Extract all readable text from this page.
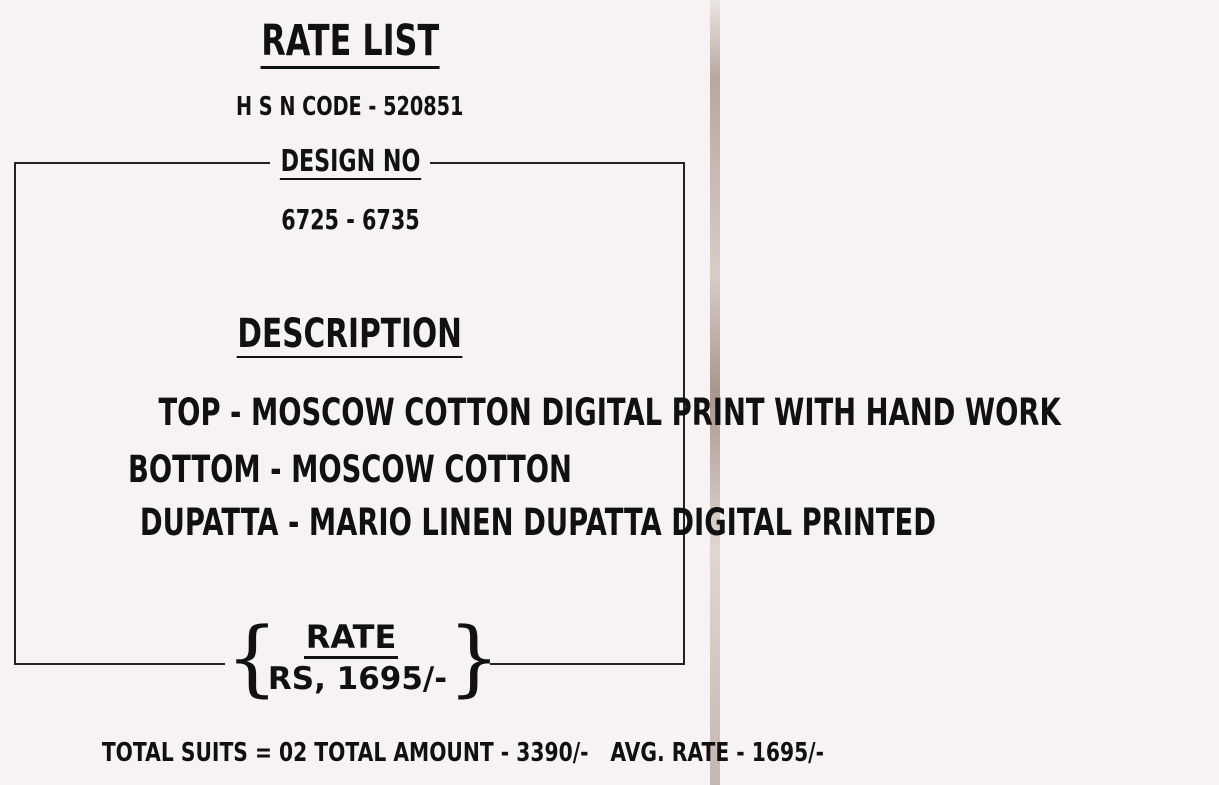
RATE LIST
H S N CODE - 520851
DESIGN NO
6725 - 6735
DESCRIPTION
TOP - MOSCOW COTTON DIGITAL PRINT WITH HAND WORK
BOTTOM - MOSCOW COTTON
DUPATTA - MARIO LINEN DUPATTA DIGITAL PRINTED
{ }
RATE
RS, 1695/-
TOTAL SUITS = 02 TOTAL AMOUNT - 3390/- AVG. RATE - 1695/-
